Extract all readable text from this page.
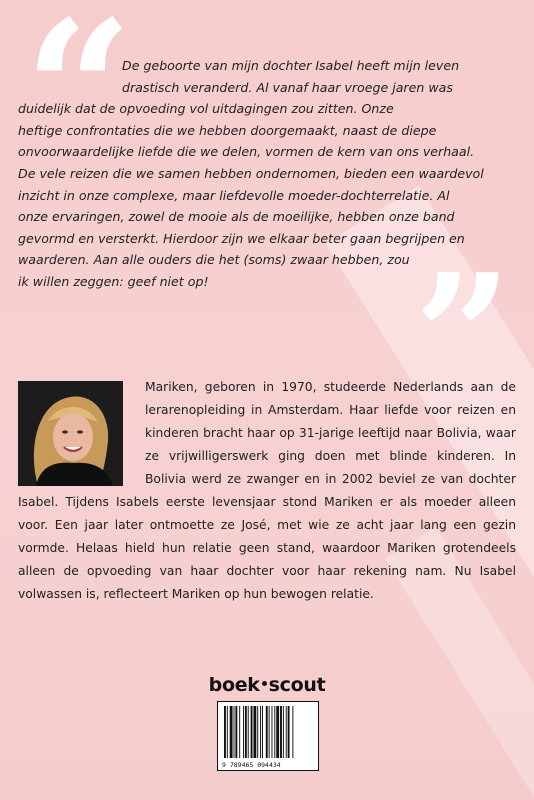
“ De geboorte van mijn dochter Isabel heeft mijn leven
drastisch veranderd. Al vanaf haar vroege jaren was
duidelijk dat de opvoeding vol uitdagingen zou zitten. Onze
heftige confrontaties die we hebben doorgemaakt, naast de diepe
onvoorwaardelijke liefde die we delen, vormen de kern van ons verhaal.
De vele reizen die we samen hebben ondernomen, bieden een waardevol
inzicht in onze complexe, maar liefdevolle moeder-dochterrelatie. Al
onze ervaringen, zowel de mooie als de moeilijke, hebben onze band
gevormd en versterkt. Hierdoor zijn we elkaar beter gaan begrijpen en
waarderen. Aan alle ouders die het (soms) zwaar hebben, zou
ik willen zeggen: geef niet op!	”

Mariken, geboren in 1970, studeerde Nederlands aan de lerarenopleiding in Amsterdam. Haar liefde voor reizen en kinderen bracht haar op 31-jarige leeftijd naar Bolivia, waar ze vrijwilligerswerk ging doen met blinde kinderen. In Bolivia werd ze zwanger en in 2002 beviel ze van dochter Isabel. Tijdens Isabels eerste levensjaar stond Mariken er als moeder alleen voor. Een jaar later ontmoette ze José, met wie ze acht jaar lang een gezin vormde. Helaas hield hun relatie geen stand, waardoor Mariken grotendeels alleen de opvoeding van haar dochter voor haar rekening nam. Nu Isabel volwassen is, reflecteert Mariken op hun bewogen relatie.

boek scout
9 789465 094434
